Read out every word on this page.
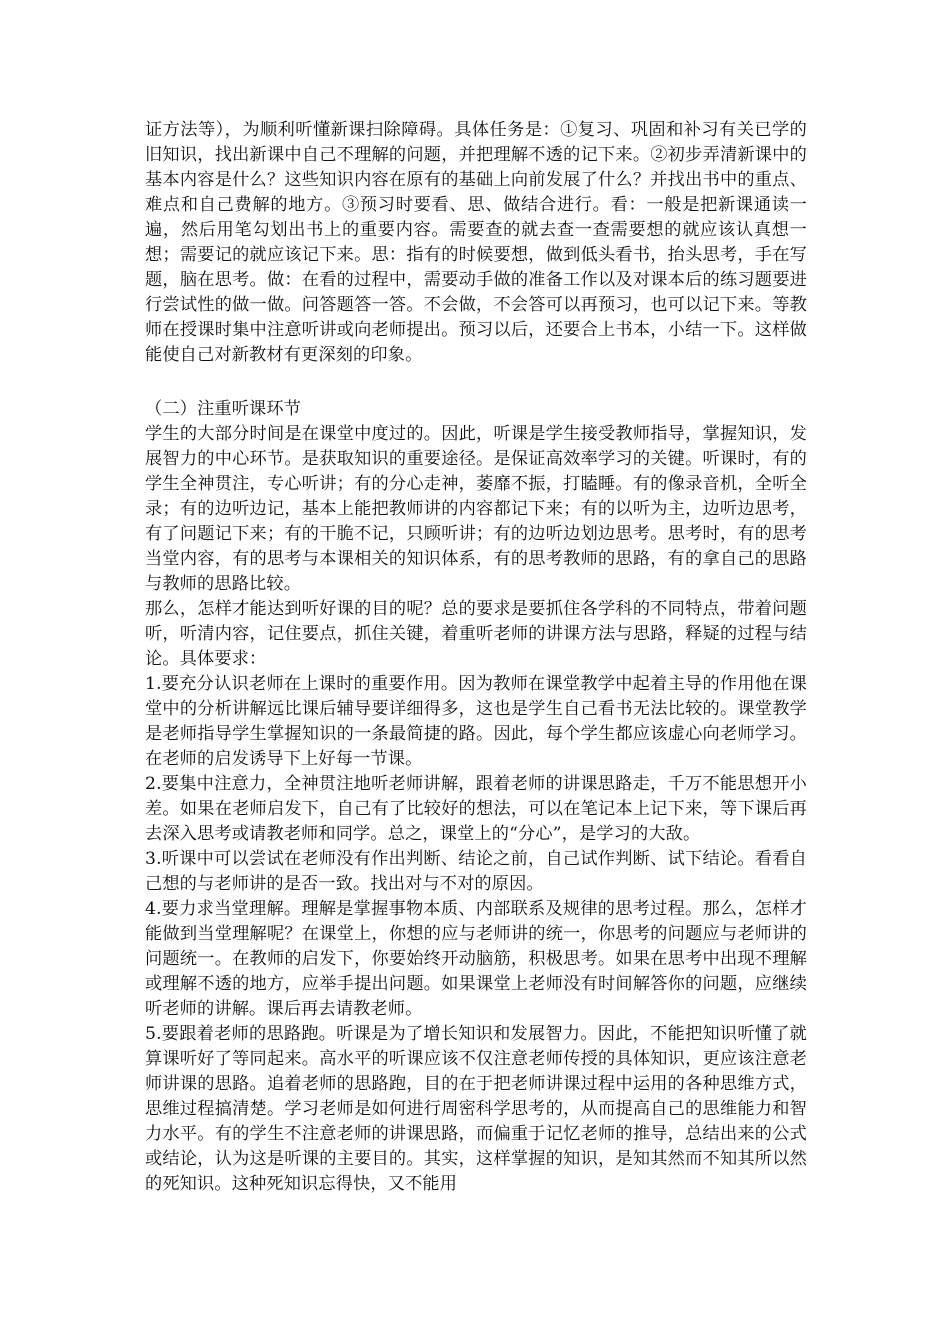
证方法等），为顺利听懂新课扫除障碍。具体任务是：①复习、巩固和补习有关已学的旧知识，找出新课中自己不理解的问题，并把理解不透的记下来。②初步弄清新课中的基本内容是什么？这些知识内容在原有的基础上向前发展了什么？并找出书中的重点、难点和自己费解的地方。③预习时要看、思、做结合进行。看：一般是把新课通读一遍，然后用笔勾划出书上的重要内容。需要查的就去查一查需要想的就应该认真想一想；需要记的就应该记下来。思：指有的时候要想，做到低头看书，抬头思考，手在写题，脑在思考。做：在看的过程中，需要动手做的准备工作以及对课本后的练习题要进行尝试性的做一做。问答题答一答。不会做，不会答可以再预习，也可以记下来。等教师在授课时集中注意听讲或向老师提出。预习以后，还要合上书本，小结一下。这样做能使自己对新教材有更深刻的印象。

（二）注重听课环节

学生的大部分时间是在课堂中度过的。因此，听课是学生接受教师指导，掌握知识，发展智力的中心环节。是获取知识的重要途径。是保证高效率学习的关键。听课时，有的学生全神贯注，专心听讲；有的分心走神，萎靡不振，打瞌睡。有的像录音机，全听全录；有的边听边记，基本上能把教师讲的内容都记下来；有的以听为主，边听边思考，有了问题记下来；有的干脆不记，只顾听讲；有的边听边划边思考。思考时，有的思考当堂内容，有的思考与本课相关的知识体系，有的思考教师的思路，有的拿自己的思路与教师的思路比较。

那么，怎样才能达到听好课的目的呢？总的要求是要抓住各学科的不同特点，带着问题听，听清内容，记住要点，抓住关键，着重听老师的讲课方法与思路，释疑的过程与结论。具体要求：

1.要充分认识老师在上课时的重要作用。因为教师在课堂教学中起着主导的作用他在课堂中的分析讲解远比课后辅导要详细得多，这也是学生自己看书无法比较的。课堂教学是老师指导学生掌握知识的一条最简捷的路。因此，每个学生都应该虚心向老师学习。在老师的启发诱导下上好每一节课。

2.要集中注意力，全神贯注地听老师讲解，跟着老师的讲课思路走，千万不能思想开小差。如果在老师启发下，自己有了比较好的想法，可以在笔记本上记下来，等下课后再去深入思考或请教老师和同学。总之，课堂上的“分心”，是学习的大敌。

3.听课中可以尝试在老师没有作出判断、结论之前，自己试作判断、试下结论。看看自己想的与老师讲的是否一致。找出对与不对的原因。

4.要力求当堂理解。理解是掌握事物本质、内部联系及规律的思考过程。那么，怎样才能做到当堂理解呢？在课堂上，你想的应与老师讲的统一，你思考的问题应与老师讲的问题统一。在教师的启发下，你要始终开动脑筋，积极思考。如果在思考中出现不理解或理解不透的地方，应举手提出问题。如果课堂上老师没有时间解答你的问题，应继续听老师的讲解。课后再去请教老师。

5.要跟着老师的思路跑。听课是为了增长知识和发展智力。因此，不能把知识听懂了就算课听好了等同起来。高水平的听课应该不仅注意老师传授的具体知识，更应该注意老师讲课的思路。追着老师的思路跑，目的在于把老师讲课过程中运用的各种思维方式，思维过程搞清楚。学习老师是如何进行周密科学思考的，从而提高自己的思维能力和智力水平。有的学生不注意老师的讲课思路，而偏重于记忆老师的推导，总结出来的公式或结论，认为这是听课的主要目的。其实，这样掌握的知识，是知其然而不知其所以然的死知识。这种死知识忘得快，又不能用
